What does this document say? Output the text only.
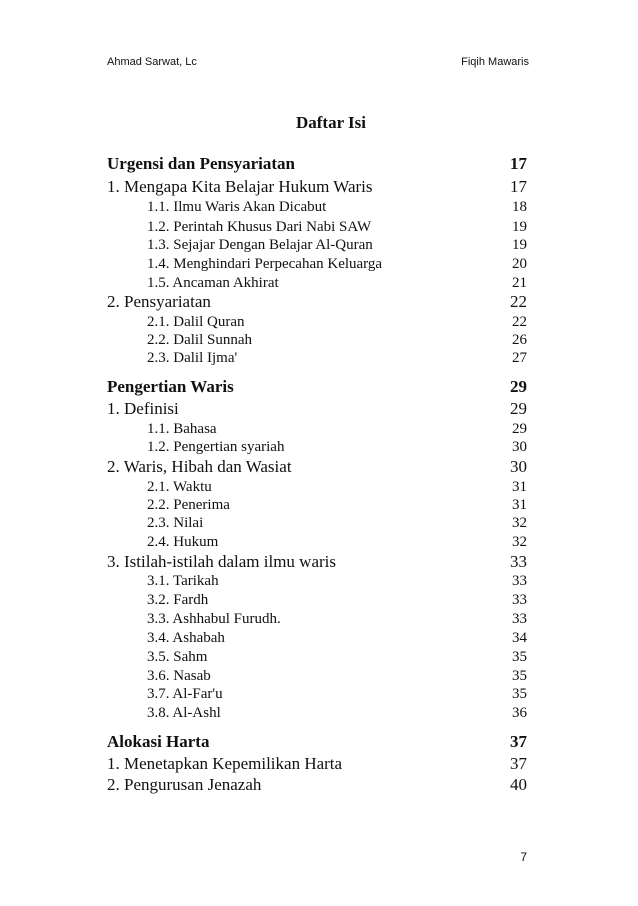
Ahmad Sarwat, Lc	Fiqih Mawaris
Daftar Isi
Urgensi dan Pensyariatan	17
1. Mengapa Kita Belajar Hukum Waris	17
1.1. Ilmu Waris Akan Dicabut	18
1.2. Perintah Khusus Dari Nabi SAW	19
1.3. Sejajar Dengan Belajar Al-Quran	19
1.4. Menghindari Perpecahan Keluarga	20
1.5. Ancaman Akhirat	21
2. Pensyariatan	22
2.1. Dalil Quran	22
2.2. Dalil Sunnah	26
2.3. Dalil Ijma'	27
Pengertian Waris	29
1. Definisi	29
1.1. Bahasa	29
1.2. Pengertian syariah	30
2. Waris, Hibah dan Wasiat	30
2.1. Waktu	31
2.2. Penerima	31
2.3. Nilai	32
2.4. Hukum	32
3. Istilah-istilah dalam ilmu waris	33
3.1. Tarikah	33
3.2. Fardh	33
3.3. Ashhabul Furudh.	33
3.4. Ashabah	34
3.5. Sahm	35
3.6. Nasab	35
3.7. Al-Far'u	35
3.8. Al-Ashl	36
Alokasi Harta	37
1. Menetapkan Kepemilikan Harta	37
2. Pengurusan Jenazah	40
7
